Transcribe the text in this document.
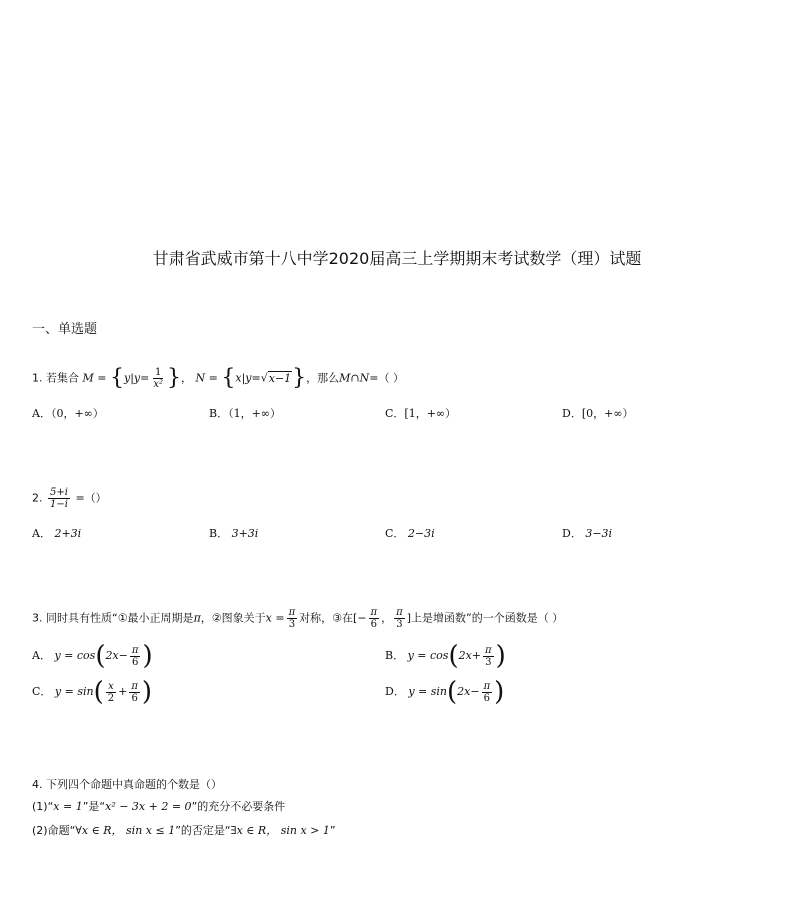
甘肃省武威市第十八中学2020届高三上学期期末考试数学（理）试题
一、单选题
1. 若集合 $M = \{y|y= \frac{1}{\text{x²}}$ }， N = {x|y=√x−1}，那么M∩N=（ ）
A．（0，+∞）	B．（1，+∞）	C．[1，+∞）	D．[0，+∞）
2. $\frac{5+i}{1-i}$ =（）
A． 2+3i	B． 3+3i	C． 2−3i	D． 3−3i
3. 同时具有性质“①最小正周期是π，②图象关于$x = \frac{\pi}{3}$ 对称，③在[− $\frac{\pi}{6}$ ， $\frac{\pi}{3}$ ]上是增函数”的一个函数是（ ）
A． $y = \cos(2x- \frac{\pi}{6}$ )	B． $y = \cos(2x+ \frac{\pi}{3}$ )
C． $y = \sin( \frac{x}{2} + \frac{\pi}{6}$ )	D． $y = \sin(2x- \frac{\pi}{6}$ )
4. 下列四个命题中真命题的个数是（）
(1)“x = 1”是“x² − 3x + 2 = 0”的充分不必要条件
(2)命题“∀x ∈ R， sin x ≤ 1”的否定是“∃x ∈ R， sin x > 1”
